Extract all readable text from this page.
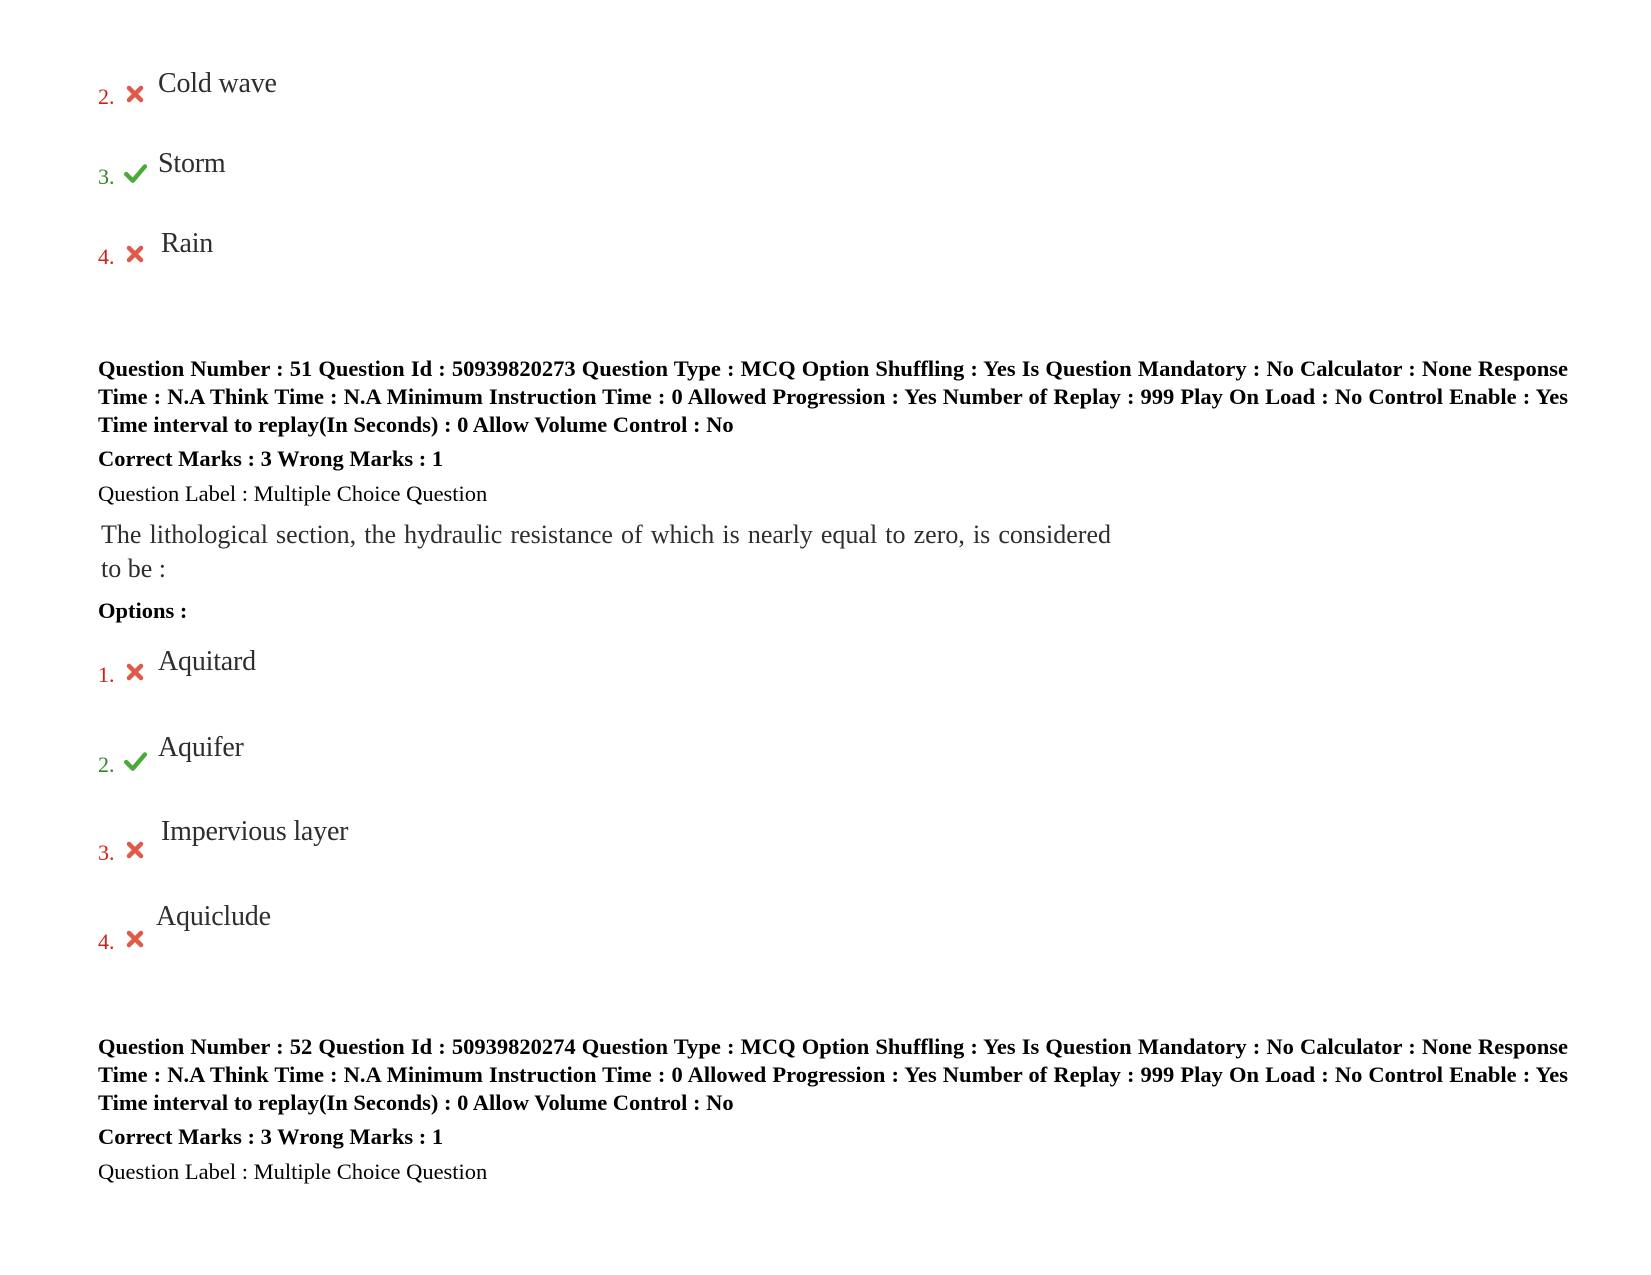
2. Cold wave
3. Storm
4. Rain
Question Number : 51 Question Id : 50939820273 Question Type : MCQ Option Shuffling : Yes Is Question Mandatory : No Calculator : None Response Time : N.A Think Time : N.A Minimum Instruction Time : 0 Allowed Progression : Yes Number of Replay : 999 Play On Load : No Control Enable : Yes Time interval to replay(In Seconds) : 0 Allow Volume Control : No
Correct Marks : 3 Wrong Marks : 1
Question Label : Multiple Choice Question
The lithological section, the hydraulic resistance of which is nearly equal to zero, is considered to be :
Options :
1. Aquitard
2.
Aquifer
3.
Impervious layer
4.
Aquiclude
Question Number : 52 Question Id : 50939820274 Question Type : MCQ Option Shuffling : Yes Is Question Mandatory : No Calculator : None Response Time : N.A Think Time : N.A Minimum Instruction Time : 0 Allowed Progression : Yes Number of Replay : 999 Play On Load : No Control Enable : Yes Time interval to replay(In Seconds) : 0 Allow Volume Control : No
Correct Marks : 3 Wrong Marks : 1
Question Label : Multiple Choice Question
